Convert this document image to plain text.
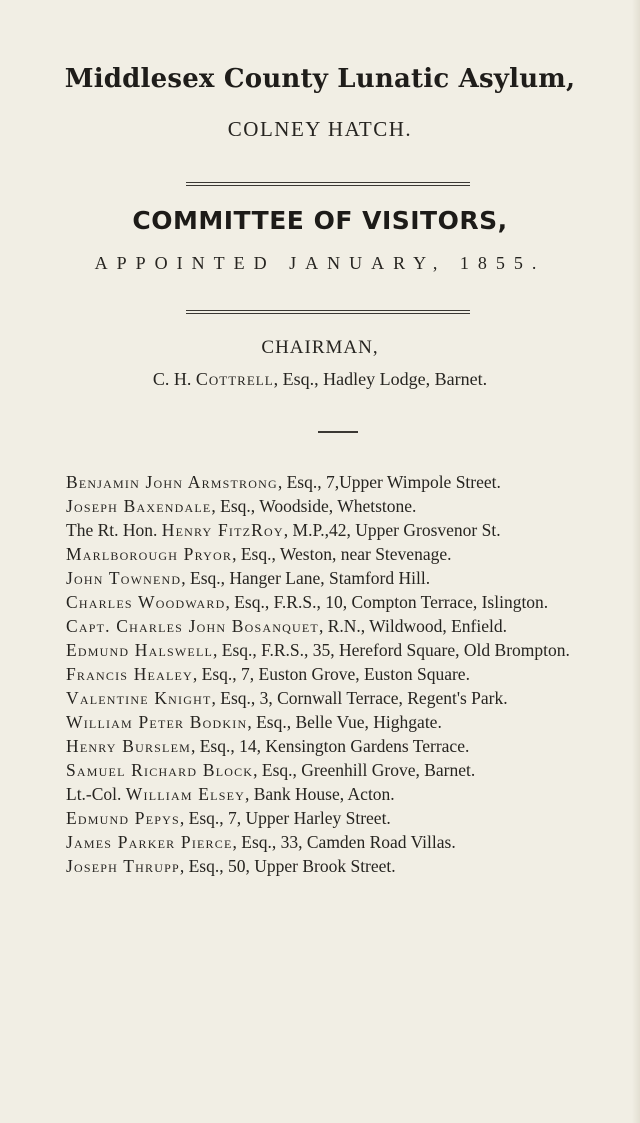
Middlesex County Lunatic Asylum,
COLNEY HATCH.
COMMITTEE OF VISITORS,
APPOINTED JANUARY, 1855.
CHAIRMAN,
C. H. Cottrell, Esq., Hadley Lodge, Barnet.
Benjamin John Armstrong, Esq., 7,Upper Wimpole Street.
Joseph Baxendale, Esq., Woodside, Whetstone.
The Rt. Hon. Henry FitzRoy, M.P.,42, Upper Grosvenor St.
Marlborough Pryor, Esq., Weston, near Stevenage.
John Townend, Esq., Hanger Lane, Stamford Hill.
Charles Woodward, Esq., F.R.S., 10, Compton Terrace, Islington.
Capt. Charles John Bosanquet, R.N., Wildwood, Enfield.
Edmund Halswell, Esq., F.R.S., 35, Hereford Square, Old Brompton.
Francis Healey, Esq., 7, Euston Grove, Euston Square.
Valentine Knight, Esq., 3, Cornwall Terrace, Regent's Park.
William Peter Bodkin, Esq., Belle Vue, Highgate.
Henry Burslem, Esq., 14, Kensington Gardens Terrace.
Samuel Richard Block, Esq., Greenhill Grove, Barnet.
Lt.-Col. William Elsey, Bank House, Acton.
Edmund Pepys, Esq., 7, Upper Harley Street.
James Parker Pierce, Esq., 33, Camden Road Villas.
Joseph Thrupp, Esq., 50, Upper Brook Street.
